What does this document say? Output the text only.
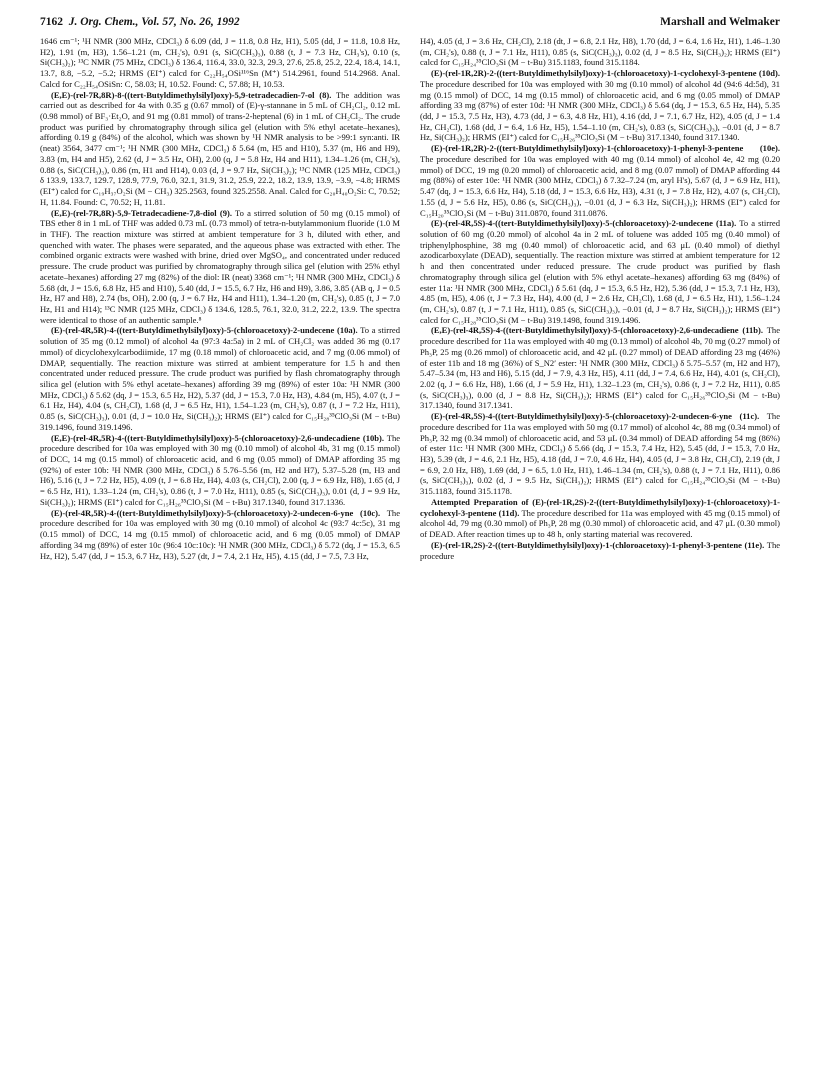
7162 J. Org. Chem., Vol. 57, No. 26, 1992	Marshall and Welmaker

1646 cm⁻¹; ¹H NMR (300 MHz, CDCl₃) δ 6.09 (dd, J = 11.8, 0.8 Hz, H1), 5.05 (dd, J = 11.8, 10.8 Hz, H2), 1.91 (m, H3), 1.56–1.21 (m, CH₂'s), 0.91 (s, SiC(CH₃)₃), 0.88 (t, J = 7.3 Hz, CH₃'s), 0.10 (s, Si(CH₃)₂); ¹³C NMR (75 MHz, CDCl₃) δ 136.4, 116.4, 33.0, 32.3, 29.3, 27.6, 25.8, 25.2, 22.4, 18.4, 14.1, 13.7, 8.8, −5.2, −5.2; HRMS (EI⁺) calcd for C₂₂H₅₄OSi¹¹⁶Sn (M⁺) 514.2961, found 514.2968. Anal. Calcd for C₂₂H₅₄OSiSn: C, 58.03; H, 10.52. Found: C, 57.88; H, 10.53.

(E,E)-(rel-7R,8R)-8-((tert-Butyldimethylsilyl)oxy)-5,9-tetradecadien-7-ol (8). The addition was carried out as described for 4a with 0.35 g (0.67 mmol) of (E)-γ-stannane in 5 mL of CH₂Cl₂, 0.12 mL (0.98 mmol) of BF₃·Et₂O, and 91 mg (0.81 mmol) of trans-2-heptenal (6) in 1 mL of CH₂Cl₂. The crude product was purified by chromatography through silica gel (elution with 5% ethyl acetate–hexanes), affording 0.19 g (84%) of the alcohol, which was shown by ¹H NMR analysis to be >99:1 syn:anti. IR (neat) 3564, 3477 cm⁻¹; ¹H NMR (300 MHz, CDCl₃) δ 5.64 (m, H5 and H10), 5.37 (m, H6 and H9), 3.83 (m, H4 and H5), 2.62 (d, J = 3.5 Hz, OH), 2.00 (q, J = 5.8 Hz, H4 and H11), 1.34–1.26 (m, CH₂'s), 0.88 (s, SiC(CH₃)₃), 0.86 (m, H1 and H14), 0.03 (d, J = 9.7 Hz, Si(CH₃)₂); ¹³C NMR (125 MHz, CDCl₃) δ 133.9, 133.7, 129.7, 128.9, 77.9, 76.0, 32.1, 31.9, 31.2, 25.9, 22.2, 18.2, 13.9, 13.9, −3.9, −4.8; HRMS (EI⁺) calcd for C₁₉H₃₇O₂Si (M − CH₃) 325.2563, found 325.2558. Anal. Calcd for C₂₀H₄₀O₂Si: C, 70.52; H, 11.84. Found: C, 70.52; H, 11.81.

(E,E)-(rel-7R,8R)-5,9-Tetradecadiene-7,8-diol (9). To a stirred solution of 50 mg (0.15 mmol) of TBS ether 8 in 1 mL of THF was added 0.73 mL (0.73 mmol) of tetra-n-butylammonium fluoride (1.0 M in THF). The reaction mixture was stirred at ambient temperature for 3 h, diluted with ether, and quenched with water. The phases were separated, and the aqueous phase was extracted with ether. The combined organic extracts were washed with brine, dried over MgSO₄, and concentrated under reduced pressure. The crude product was purified by chromatography through silica gel (elution with 25% ethyl acetate–hexanes) affording 27 mg (82%) of the diol: IR (neat) 3368 cm⁻¹; ¹H NMR (300 MHz, CDCl₃) δ 5.68 (dt, J = 15.6, 6.8 Hz, H5 and H10), 5.40 (dd, J = 15.5, 6.7 Hz, H6 and H9), 3.86, 3.85 (AB q, J = 0.5 Hz, H7 and H8), 2.74 (bs, OH), 2.00 (q, J = 6.7 Hz, H4 and H11), 1.34–1.20 (m, CH₂'s), 0.85 (t, J = 7.0 Hz, H1 and H14); ¹³C NMR (125 MHz, CDCl₃) δ 134.6, 128.5, 76.1, 32.0, 31.2, 22.2, 13.9. The spectra were identical to those of an authentic sample.⁸

(E)-(rel-4R,5R)-4-((tert-Butyldimethylsilyl)oxy)-5-(chloroacetoxy)-2-undecene (10a). To a stirred solution of 35 mg (0.12 mmol) of alcohol 4a (97:3 4a:5a) in 2 mL of CH₂Cl₂ was added 36 mg (0.17 mmol) of dicyclohexylcarbodiimide, 17 mg (0.18 mmol) of chloroacetic acid, and 7 mg (0.06 mmol) of DMAP, sequentially. The reaction mixture was stirred at ambient temperature for 1.5 h and then concentrated under reduced pressure. The crude product was purified by flash chromatography through silica gel (elution with 5% ethyl acetate–hexanes) affording 39 mg (89%) of ester 10a: ¹H NMR (300 MHz, CDCl₃) δ 5.62 (dq, J = 15.3, 6.5 Hz, H2), 5.37 (dd, J = 15.3, 7.0 Hz, H3), 4.84 (m, H5), 4.07 (t, J = 6.1 Hz, H4), 4.04 (s, CH₂Cl), 1.68 (d, J = 6.5 Hz, H1), 1.54–1.23 (m, CH₂'s), 0.87 (t, J = 7.2 Hz, H11), 0.85 (s, SiC(CH₃)₃), 0.01 (d, J = 10.0 Hz, Si(CH₃)₂); HRMS (EI⁺) calcd for C₁₅H₂₈³⁵ClO₃Si (M − t-Bu) 319.1496, found 319.1496.

(E,E)-(rel-4R,5R)-4-((tert-Butyldimethylsilyl)oxy)-5-(chloroacetoxy)-2,6-undecadiene (10b). The procedure described for 10a was employed with 30 mg (0.10 mmol) of alcohol 4b, 31 mg (0.15 mmol) of DCC, 14 mg (0.15 mmol) of chloroacetic acid, and 6 mg (0.05 mmol) of DMAP affording 35 mg (92%) of ester 10b: ¹H NMR (300 MHz, CDCl₃) δ 5.76–5.56 (m, H2 and H7), 5.37–5.28 (m, H3 and H6), 5.16 (t, J = 7.2 Hz, H5), 4.09 (t, J = 6.8 Hz, H4), 4.03 (s, CH₂Cl), 2.00 (q, J = 6.9 Hz, H8), 1.65 (d, J = 6.5 Hz, H1), 1.33–1.24 (m, CH₂'s), 0.86 (t, J = 7.0 Hz, H11), 0.85 (s, SiC(CH₃)₃), 0.01 (d, J = 9.9 Hz, Si(CH₃)₂); HRMS (EI⁺) calcd for C₁₅H₂₆³⁵ClO₃Si (M − t-Bu) 317.1340, found 317.1336.

(E)-(rel-4R,5R)-4-((tert-Butyldimethylsilyl)oxy)-5-(chloroacetoxy)-2-undecen-6-yne (10c). The procedure described for 10a was employed with 30 mg (0.10 mmol) of alcohol 4c (93:7 4c:5c), 31 mg (0.15 mmol) of DCC, 14 mg (0.15 mmol) of chloroacetic acid, and 6 mg (0.05 mmol) of DMAP affording 34 mg (89%) of ester 10c (96:4 10c:10c): ¹H NMR (300 MHz, CDCl₃) δ 5.72 (dq, J = 15.3, 6.5 Hz, H2), 5.47 (dd, J = 15.3, 6.7 Hz, H3), 5.27 (dt, J = 7.4, 2.1 Hz, H5), 4.15 (dd, J = 7.5, 7.3 Hz,

H4), 4.05 (d, J = 3.6 Hz, CH₂Cl), 2.18 (dt, J = 6.8, 2.1 Hz, H8), 1.70 (dd, J = 6.4, 1.6 Hz, H1), 1.46–1.30 (m, CH₂'s), 0.88 (t, J = 7.1 Hz, H11), 0.85 (s, SiC(CH₃)₃), 0.02 (d, J = 8.5 Hz, Si(CH₃)₂); HRMS (EI⁺) calcd for C₁₅H₂₄³⁵ClO₃Si (M − t-Bu) 315.1183, found 315.1184.

(E)-(rel-1R,2R)-2-((tert-Butyldimethylsilyl)oxy)-1-(chloroacetoxy)-1-cyclohexyl-3-pentene (10d). The procedure described for 10a was employed with 30 mg (0.10 mmol) of alcohol 4d (94:6 4d:5d), 31 mg (0.15 mmol) of DCC, 14 mg (0.15 mmol) of chloroacetic acid, and 6 mg (0.05 mmol) of DMAP affording 33 mg (87%) of ester 10d: ¹H NMR (300 MHz, CDCl₃) δ 5.64 (dq, J = 15.3, 6.5 Hz, H4), 5.35 (dd, J = 15.3, 7.5 Hz, H3), 4.73 (dd, J = 6.3, 4.8 Hz, H1), 4.16 (dd, J = 7.1, 6.7 Hz, H2), 4.05 (d, J = 1.4 Hz, CH₂Cl), 1.68 (dd, J = 6.4, 1.6 Hz, H5), 1.54–1.10 (m, CH₂'s), 0.83 (s, SiC(CH₃)₃), −0.01 (d, J = 8.7 Hz, Si(CH₃)₂); HRMS (EI⁺) calcd for C₁₅H₂₆³⁵ClO₃Si (M − t-Bu) 317.1340, found 317.1340.

(E)-(rel-1R,2R)-2-((tert-Butyldimethylsilyl)oxy)-1-(chloroacetoxy)-1-phenyl-3-pentene (10e). The procedure described for 10a was employed with 40 mg (0.14 mmol) of alcohol 4e, 42 mg (0.20 mmol) of DCC, 19 mg (0.20 mmol) of chloroacetic acid, and 8 mg (0.07 mmol) of DMAP affording 44 mg (88%) of ester 10e: ¹H NMR (300 MHz, CDCl₃) δ 7.32–7.24 (m, aryl H's), 5.67 (d, J = 6.9 Hz, H1), 5.47 (dq, J = 15.3, 6.6 Hz, H4), 5.18 (dd, J = 15.3, 6.6 Hz, H3), 4.31 (t, J = 7.8 Hz, H2), 4.07 (s, CH₂Cl), 1.55 (d, J = 5.6 Hz, H5), 0.86 (s, SiC(CH₃)₃), −0.01 (d, J = 6.3 Hz, Si(CH₃)₂); HRMS (EI⁺) calcd for C₁₅H₂₀³⁵ClO₃Si (M − t-Bu) 311.0870, found 311.0876.

(E)-(rel-4R,5S)-4-((tert-Butyldimethylsilyl)oxy)-5-(chloroacetoxy)-2-undecene (11a). To a stirred solution of 60 mg (0.20 mmol) of alcohol 4a in 2 mL of toluene was added 105 mg (0.40 mmol) of triphenylphosphine, 38 mg (0.40 mmol) of chloroacetic acid, and 63 μL (0.40 mmol) of diethyl azodicarboxylate (DEAD), sequentially. The reaction mixture was stirred at ambient temperature for 12 h and then concentrated under reduced pressure. The crude product was purified by flash chromatography through silica gel (elution with 5% ethyl acetate–hexanes) affording 63 mg (84%) of ester 11a: ¹H NMR (300 MHz, CDCl₃) δ 5.61 (dq, J = 15.3, 6.5 Hz, H2), 5.36 (dd, J = 15.3, 7.1 Hz, H3), 4.85 (m, H5), 4.06 (t, J = 7.3 Hz, H4), 4.00 (d, J = 2.6 Hz, CH₂Cl), 1.68 (d, J = 6.5 Hz, H1), 1.56–1.24 (m, CH₂'s), 0.87 (t, J = 7.1 Hz, H11), 0.85 (s, SiC(CH₃)₃), −0.01 (d, J = 8.7 Hz, Si(CH₃)₂); HRMS (EI⁺) calcd for C₁₅H₂₈³⁵ClO₃Si (M − t-Bu) 319.1498, found 319.1496.

(E,E)-(rel-4R,5S)-4-((tert-Butyldimethylsilyl)oxy)-5-(chloroacetoxy)-2,6-undecadiene (11b). The procedure described for 11a was employed with 40 mg (0.13 mmol) of alcohol 4b, 70 mg (0.27 mmol) of Ph₃P, 25 mg (0.26 mmol) of chloroacetic acid, and 42 μL (0.27 mmol) of DEAD affording 23 mg (46%) of ester 11b and 18 mg (36%) of S_N2′ ester: ¹H NMR (300 MHz, CDCl₃) δ 5.75–5.57 (m, H2 and H7), 5.47–5.34 (m, H3 and H6), 5.15 (dd, J = 7.9, 4.3 Hz, H5), 4.11 (dd, J = 7.4, 6.6 Hz, H4), 4.01 (s, CH₂Cl), 2.02 (q, J = 6.6 Hz, H8), 1.66 (d, J = 5.9 Hz, H1), 1.32–1.23 (m, CH₂'s), 0.86 (t, J = 7.2 Hz, H11), 0.85 (s, SiC(CH₃)₃), 0.00 (d, J = 8.8 Hz, Si(CH₃)₂); HRMS (EI⁺) calcd for C₁₅H₂₆³⁵ClO₃Si (M − t-Bu) 317.1340, found 317.1341.

(E)-(rel-4R,5S)-4-((tert-Butyldimethylsilyl)oxy)-5-(chloroacetoxy)-2-undecen-6-yne (11c). The procedure described for 11a was employed with 50 mg (0.17 mmol) of alcohol 4c, 88 mg (0.34 mmol) of Ph₃P, 32 mg (0.34 mmol) of chloroacetic acid, and 53 μL (0.34 mmol) of DEAD affording 54 mg (86%) of ester 11c: ¹H NMR (300 MHz, CDCl₃) δ 5.66 (dq, J = 15.3, 7.4 Hz, H2), 5.45 (dd, J = 15.3, 7.0 Hz, H3), 5.39 (dt, J = 4.6, 2.1 Hz, H5), 4.18 (dd, J = 7.0, 4.6 Hz, H4), 4.05 (d, J = 3.8 Hz, CH₂Cl), 2.19 (dt, J = 6.9, 2.0 Hz, H8), 1.69 (dd, J = 6.5, 1.0 Hz, H1), 1.46–1.34 (m, CH₂'s), 0.88 (t, J = 7.1 Hz, H11), 0.86 (s, SiC(CH₃)₃), 0.02 (d, J = 9.5 Hz, Si(CH₃)₂); HRMS (EI⁺) calcd for C₁₅H₂₄³⁵ClO₃Si (M − t-Bu) 315.1183, found 315.1178.

Attempted Preparation of (E)-(rel-1R,2S)-2-((tert-Butyldimethylsilyl)oxy)-1-(chloroacetoxy)-1-cyclohexyl-3-pentene (11d). The procedure described for 11a was employed with 45 mg (0.15 mmol) of alcohol 4d, 79 mg (0.30 mmol) of Ph₃P, 28 mg (0.30 mmol) of chloroacetic acid, and 47 μL (0.30 mmol) of DEAD. After reaction times up to 48 h, only starting material was recovered.

(E)-(rel-1R,2S)-2-((tert-Butyldimethylsilyl)oxy)-1-(chloroacetoxy)-1-phenyl-3-pentene (11e). The procedure
